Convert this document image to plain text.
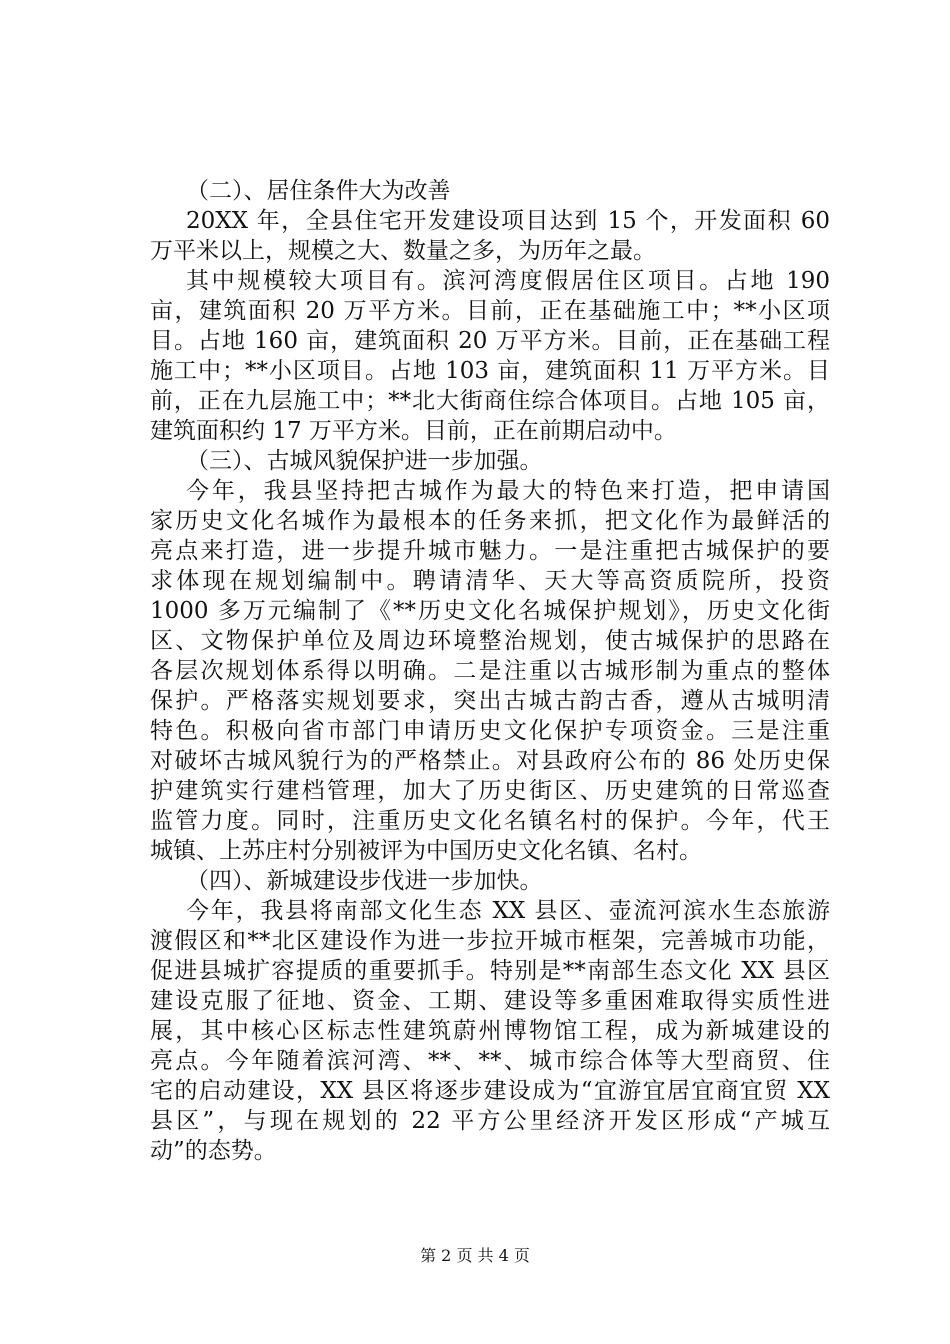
（二）、居住条件大为改善
20XX 年，全县住宅开发建设项目达到 15 个，开发面积 60
万平米以上，规模之大、数量之多，为历年之最。
其中规模较大项目有。滨河湾度假居住区项目。占地 190
亩，建筑面积 20 万平方米。目前，正在基础施工中；**小区项
目。占地 160 亩，建筑面积 20 万平方米。目前，正在基础工程
施工中；**小区项目。占地 103 亩，建筑面积 11 万平方米。目
前，正在九层施工中；**北大街商住综合体项目。占地 105 亩，
建筑面积约 17 万平方米。目前，正在前期启动中。
（三）、古城风貌保护进一步加强。
今年，我县坚持把古城作为最大的特色来打造，把申请国
家历史文化名城作为最根本的任务来抓，把文化作为最鲜活的
亮点来打造，进一步提升城市魅力。一是注重把古城保护的要
求体现在规划编制中。聘请清华、天大等高资质院所，投资
1000 多万元编制了《**历史文化名城保护规划》，历史文化街
区、文物保护单位及周边环境整治规划，使古城保护的思路在
各层次规划体系得以明确。二是注重以古城形制为重点的整体
保护。严格落实规划要求，突出古城古韵古香，遵从古城明清
特色。积极向省市部门申请历史文化保护专项资金。三是注重
对破坏古城风貌行为的严格禁止。对县政府公布的 86 处历史保
护建筑实行建档管理，加大了历史街区、历史建筑的日常巡查
监管力度。同时，注重历史文化名镇名村的保护。今年，代王
城镇、上苏庄村分别被评为中国历史文化名镇、名村。
（四）、新城建设步伐进一步加快。
今年，我县将南部文化生态 XX 县区、壶流河滨水生态旅游
渡假区和**北区建设作为进一步拉开城市框架，完善城市功能，
促进县城扩容提质的重要抓手。特别是**南部生态文化 XX 县区
建设克服了征地、资金、工期、建设等多重困难取得实质性进
展，其中核心区标志性建筑蔚州博物馆工程，成为新城建设的
亮点。今年随着滨河湾、**、**、城市综合体等大型商贸、住
宅的启动建设，XX 县区将逐步建设成为“宜游宜居宜商宜贸 XX
县区”，与现在规划的 22 平方公里经济开发区形成“产城互
动”的态势。
第 2 页 共 4 页
